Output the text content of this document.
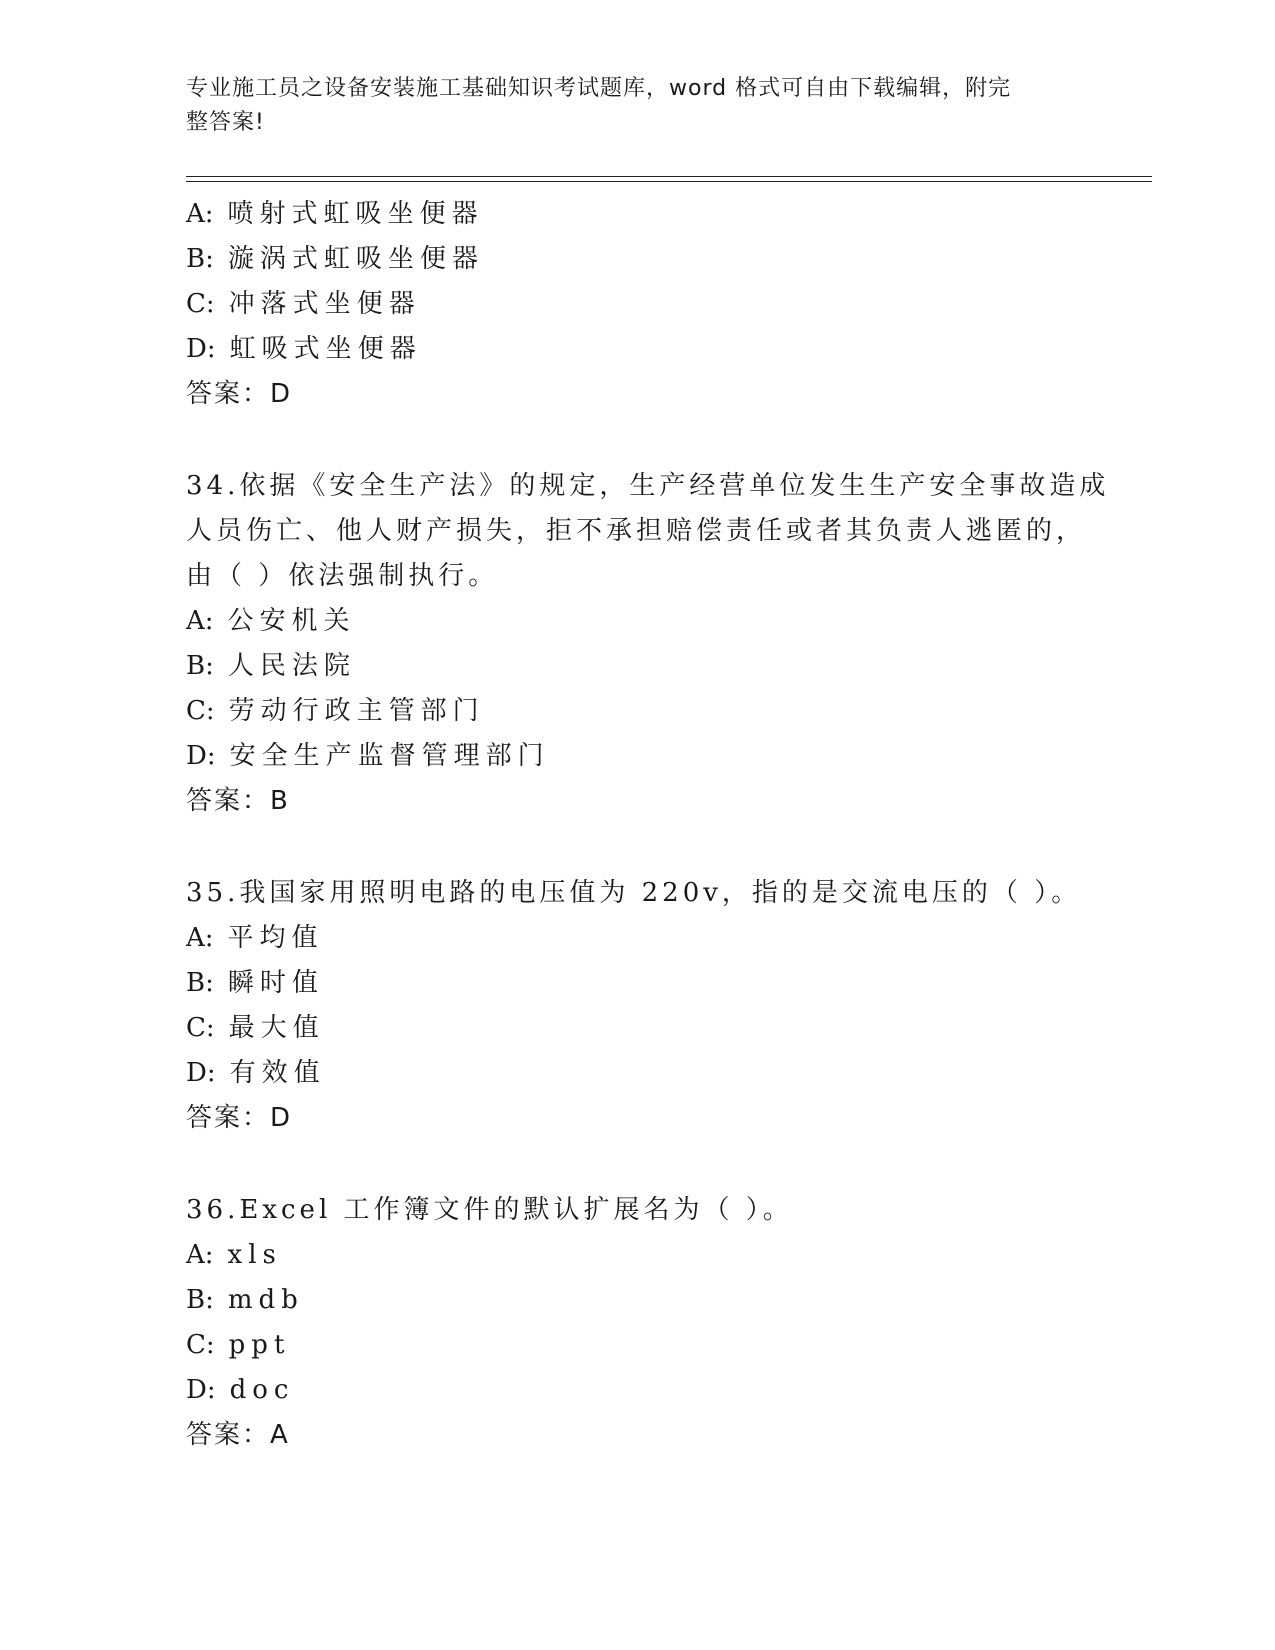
专业施工员之设备安装施工基础知识考试题库，word 格式可自由下载编辑，附完
整答案!
A: 喷射式虹吸坐便器
B: 漩涡式虹吸坐便器
C: 冲落式坐便器
D: 虹吸式坐便器
答案：D
34.依据《安全生产法》的规定，生产经营单位发生生产安全事故造成
人员伤亡、他人财产损失，拒不承担赔偿责任或者其负责人逃匿的，
由（ ）依法强制执行。
A: 公安机关
B: 人民法院
C: 劳动行政主管部门
D: 安全生产监督管理部门
答案：B
35.我国家用照明电路的电压值为 220v，指的是交流电压的（ ）。
A: 平均值
B: 瞬时值
C: 最大值
D: 有效值
答案：D
36.Excel 工作簿文件的默认扩展名为（ ）。
A: xls
B: mdb
C: ppt
D: doc
答案：A
